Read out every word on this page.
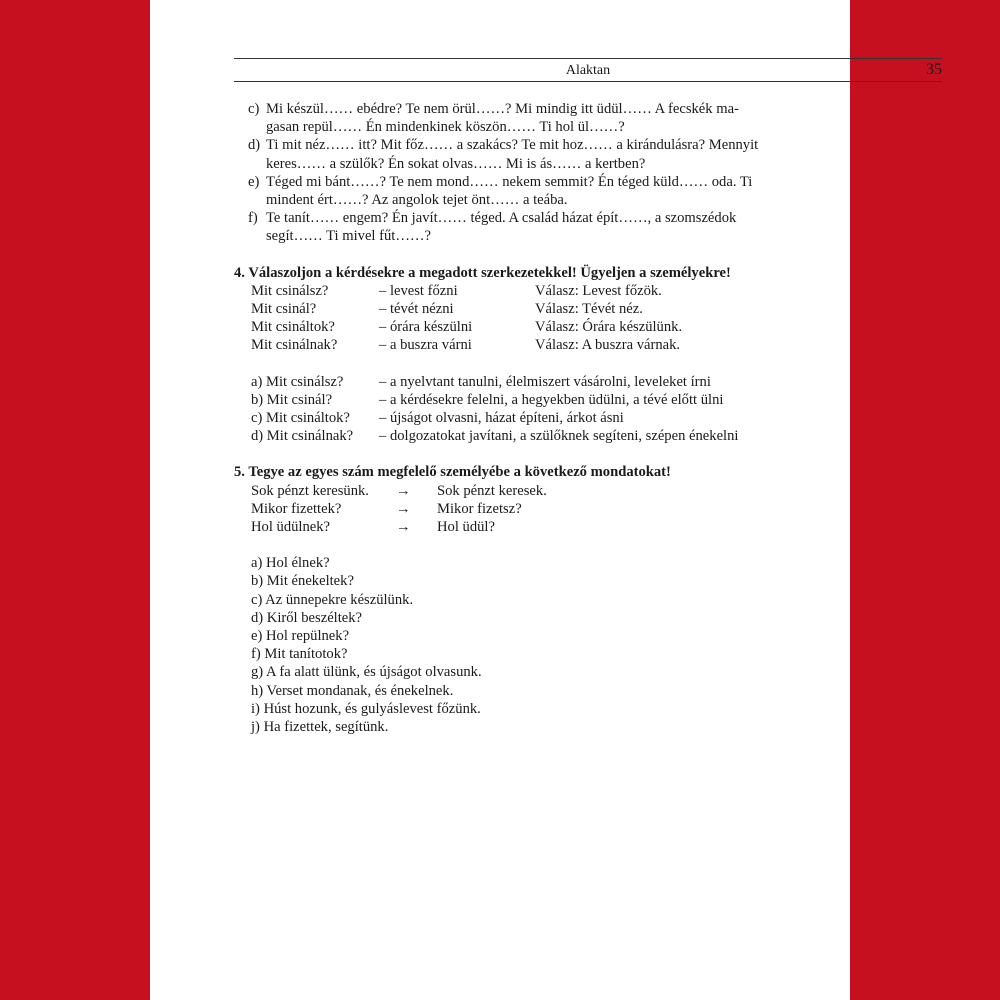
Alaktan	35
c) Mi készül…… ebédre? Te nem örül……? Mi mindig itt üdül…… A fecskék ma-
gasan repül…… Én mindenkinek köszön…… Ti hol ül……?
d) Ti mit néz…… itt? Mit főz…… a szakács? Te mit hoz…… a kirándulásra? Mennyit
keres…… a szülők? Én sokat olvas…… Mi is ás…… a kertben?
e) Téged mi bánt……? Te nem mond…… nekem semmit? Én téged küld…… oda. Ti
mindent ért……? Az angolok tejet önt…… a teába.
f) Te tanít…… engem? Én javít…… téged. A család házat épít……, a szomszédok
segít…… Ti mivel fűt……?
4. Válaszoljon a kérdésekre a megadott szerkezetekkel! Ügyeljen a személyekre!
Mit csinálsz?	– levest főzni	Válasz: Levest főzök.
Mit csinál?	– tévét nézni	Válasz: Tévét néz.
Mit csináltok?	– órára készülni	Válasz: Órára készülünk.
Mit csinálnak?	– a buszra várni	Válasz: A buszra várnak.
a) Mit csinálsz?	– a nyelvtant tanulni, élelmiszert vásárolni, leveleket írni
b) Mit csinál?	– a kérdésekre felelni, a hegyekben üdülni, a tévé előtt ülni
c) Mit csináltok?	– újságot olvasni, házat építeni, árkot ásni
d) Mit csinálnak?	– dolgozatokat javítani, a szülőknek segíteni, szépen énekelni
5. Tegye az egyes szám megfelelő személyébe a következő mondatokat!
Sok pénzt keresünk.	→	Sok pénzt keresek.
Mikor fizettek?	→	Mikor fizetsz?
Hol üdülnek?	→	Hol üdül?
a) Hol élnek?
b) Mit énekeltek?
c) Az ünnepekre készülünk.
d) Kiről beszéltek?
e) Hol repülnek?
f) Mit tanítotok?
g) A fa alatt ülünk, és újságot olvasunk.
h) Verset mondanak, és énekelnek.
i) Húst hozunk, és gulyáslevest főzünk.
j) Ha fizettek, segítünk.
